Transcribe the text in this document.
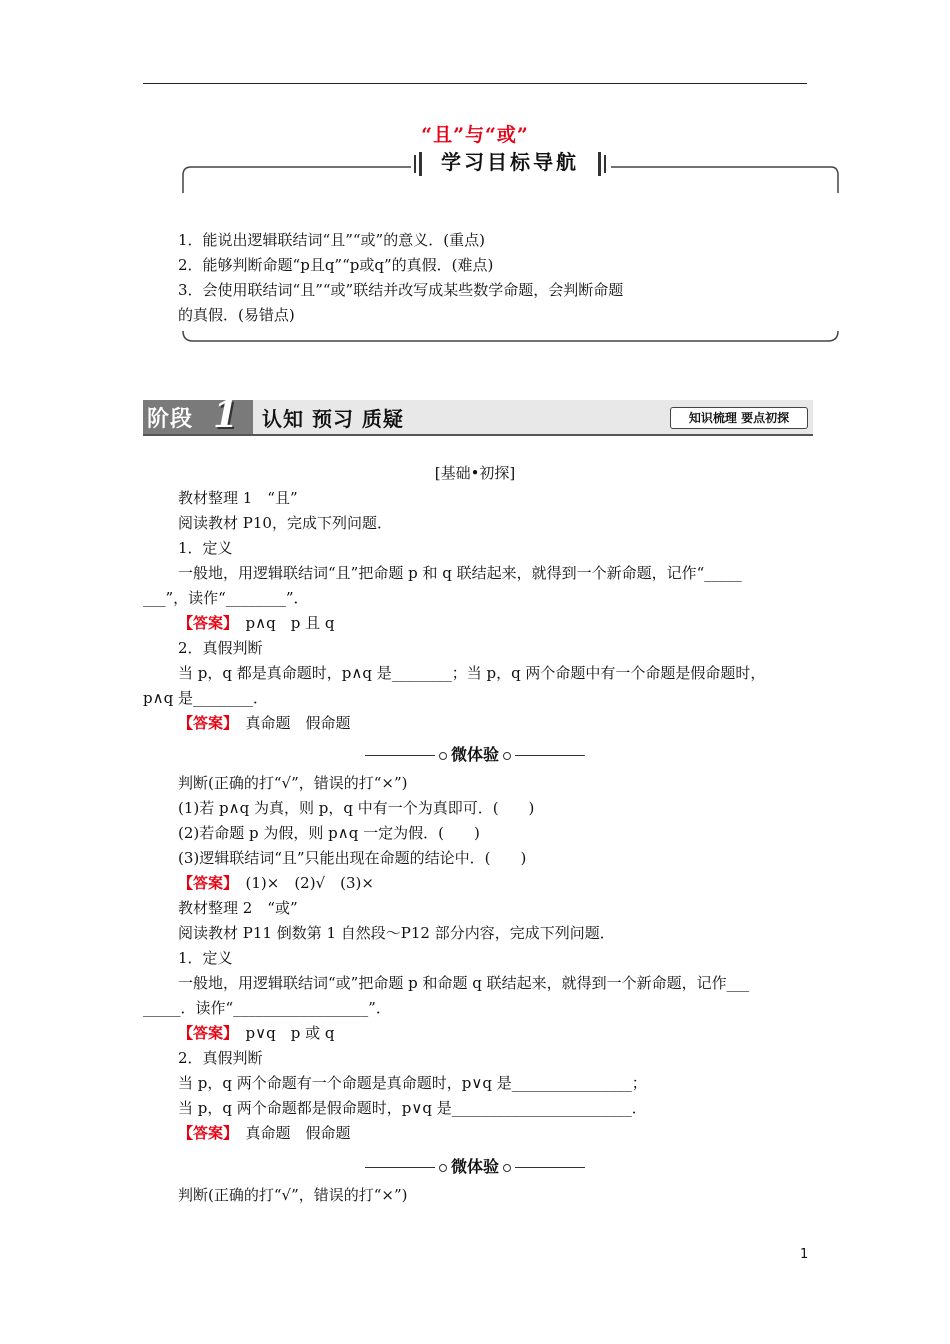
“且”与“或”
学习目标导航
1．能说出逻辑联结词“且”“或”的意义．(重点)
2．能够判断命题“p且q”“p或q”的真假．(难点)
3．会使用联结词“且”“或”联结并改写成某些数学命题，会判断命题
的真假．(易错点)
阶段 1 认知 预习 质疑	知识梳理 要点初探
[基础•初探]
教材整理 1　“且”
阅读教材 P10，完成下列问题．
1．定义
一般地，用逻辑联结词“且”把命题 p 和 q 联结起来，就得到一个新命题，记作“_____
___”，读作“________”．
【答案】　p∧q　p 且 q
2．真假判断
当 p，q 都是真命题时，p∧q 是________；当 p，q 两个命题中有一个命题是假命题时，
p∧q 是________．
【答案】　真命题　假命题
微体验
判断(正确的打“√”，错误的打“×”)
(1)若 p∧q 为真，则 p，q 中有一个为真即可．(　　)
(2)若命题 p 为假，则 p∧q 一定为假．(　　)
(3)逻辑联结词“且”只能出现在命题的结论中．(　　)
【答案】　(1)×　(2)√　(3)×
教材整理 2　“或”
阅读教材 P11 倒数第 1 自然段～P12 部分内容，完成下列问题．
1．定义
一般地，用逻辑联结词“或”把命题 p 和命题 q 联结起来，就得到一个新命题，记作___
_____．读作“__________________”．
【答案】　p∨q　p 或 q
2．真假判断
当 p，q 两个命题有一个命题是真命题时，p∨q 是________________；
当 p，q 两个命题都是假命题时，p∨q 是________________________．
【答案】　真命题　假命题
微体验
判断(正确的打“√”，错误的打“×”)
1
